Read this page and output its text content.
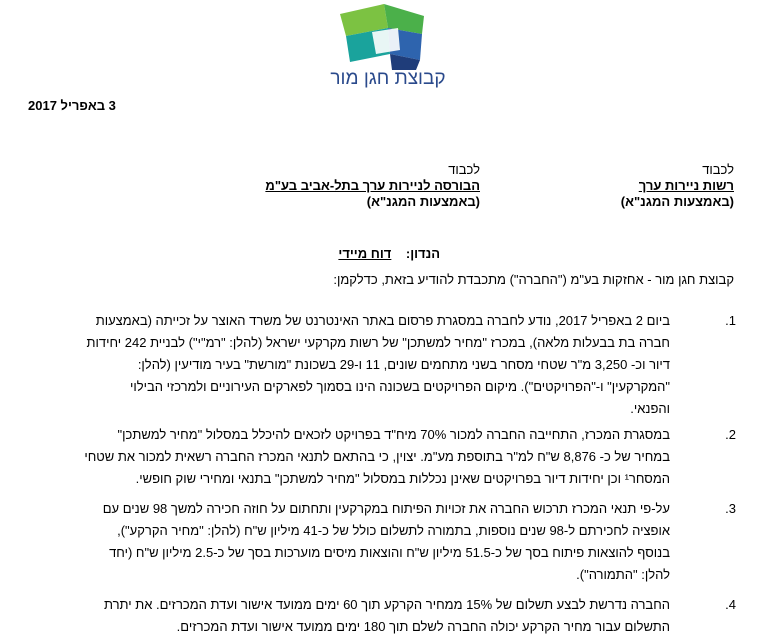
קבוצת חגן מור
3 באפריל 2017
לכבוד
רשות ניירות ערך
(באמצעות המגנ"א)
לכבוד
הבורסה לניירות ערך בתל-אביב בע"מ
(באמצעות המגנ"א)
הנדון:    דוח מיידי
קבוצת חגן מור - אחזקות בע"מ ("החברה") מתכבדת להודיע בזאת, כדלקמן:
1.
ביום 2 באפריל 2017, נודע לחברה במסגרת פרסום באתר האינטרנט של משרד האוצר על זכייתה (באמצעות
חברה בת בבעלות מלאה), במכרז "מחיר למשתכן" של רשות מקרקעי ישראל (להלן: "רמ"י") לבניית 242 יחידות
דיור וכ- 3,250 מ"ר שטחי מסחר בשני מתחמים שונים, 11 ו-29 בשכונת "מורשת" בעיר מודיעין (להלן:
"המקרקעין" ו-"הפרויקטים"). מיקום הפרויקטים בשכונה הינו בסמוך לפארקים העירוניים ולמרכזי הבילוי
והפנאי.
2.
במסגרת המכרז, התחייבה החברה למכור 70% מיח"ד בפרויקט לזכאים להיכלל במסלול "מחיר למשתכן"
במחיר של כ- 8,876 ש"ח למ"ר בתוספת מע"מ. יצוין, כי בהתאם לתנאי המכרז החברה רשאית למכור את שטחי
המסחר¹ וכן יחידות דיור בפרויקטים שאינן נכללות במסלול "מחיר למשתכן" בתנאי ומחירי שוק חופשי.
3.
על-פי תנאי המכרז תרכוש החברה את זכויות הפיתוח במקרקעין ותחתום על חוזה חכירה למשך 98 שנים עם
אופציה לחכירתם ל-98 שנים נוספות, בתמורה לתשלום כולל של כ-41 מיליון ש"ח (להלן: "מחיר הקרקע"),
בנוסף להוצאות פיתוח בסך של כ-51.5 מיליון ש"ח והוצאות מיסים מוערכות בסך של כ-2.5 מיליון ש"ח (יחד
להלן: "התמורה").
4.
החברה נדרשת לבצע תשלום של 15% ממחיר הקרקע תוך 60 ימים ממועד אישור ועדת המכרזים. את יתרת
התשלום עבור מחיר הקרקע יכולה החברה לשלם תוך 180 ימים ממועד אישור ועדת המכרזים.
